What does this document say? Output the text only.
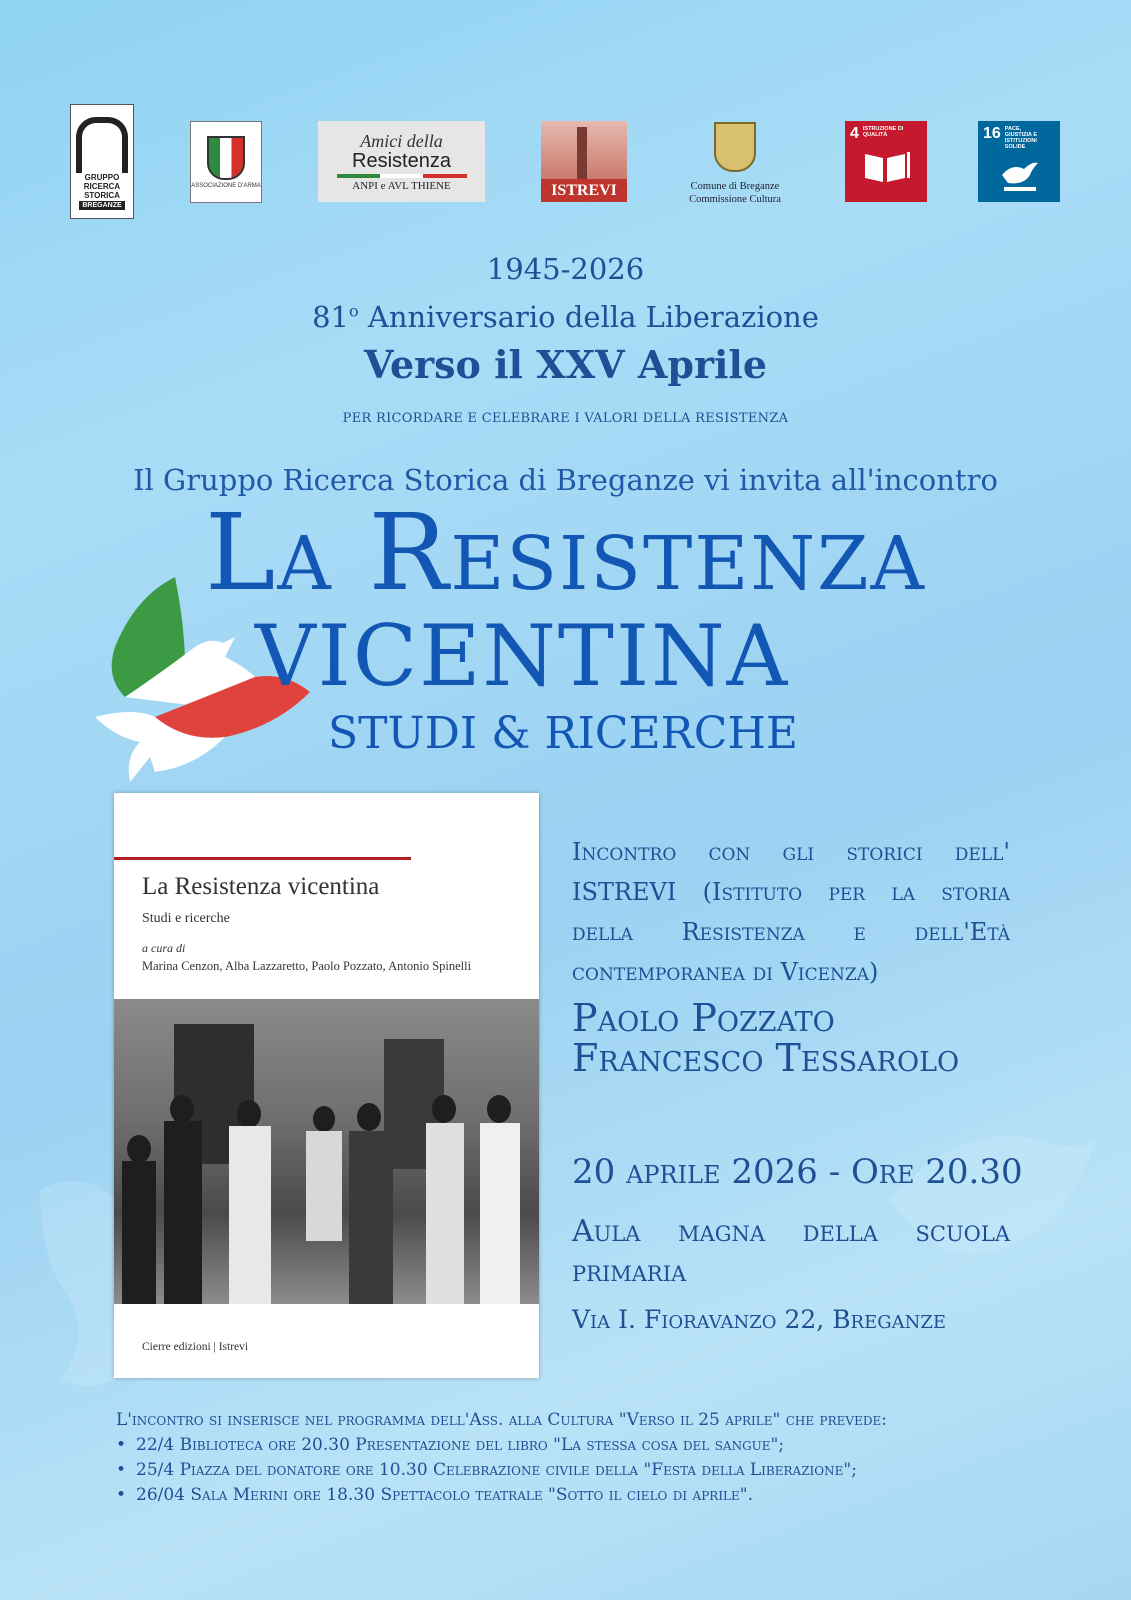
GRUPPO
RICERCA
STORICA
BREGANZE
ASSOCIAZIONE D'ARMA
Amici della
Resistenza
ANPI e AVL THIENE	ISTREVI	Comune di Breganze
Commissione Cultura
4 ISTRUZIONE DI QUALITÀ	16 PACE, GIUSTIZIA E ISTITUZIONI SOLIDE
1945-2026
81$^o$ Anniversario della Liberazione
Verso il XXV Aprile
PER RICORDARE E CELEBRARE I VALORI DELLA RESISTENZA
Il Gruppo Ricerca Storica di Breganze vi invita all'incontro
La Resistenza
VICENTINA
STUDI & RICERCHE
La Resistenza vicentina
Studi e ricerche
a cura di
Marina Cenzon, Alba Lazzaretto, Paolo Pozzato, Antonio Spinelli
Cierre edizioni | Istrevi
Incontro con gli storici dell'
ISTREVI (Istituto per la storia
della Resistenza e dell'Età
contemporanea di Vicenza)
Paolo Pozzato
Francesco Tessarolo
20 aprile 2026 - Ore 20.30
Aula magna della scuola
primaria
Via I. Fioravanzo 22, Breganze
L'incontro si inserisce nel programma dell'Ass. alla Cultura "Verso il 25 aprile" che prevede:
• 22/4 Biblioteca ore 20.30 Presentazione del libro "La stessa cosa del sangue";
• 25/4 Piazza del donatore ore 10.30 Celebrazione civile della "Festa della Liberazione";
• 26/04 Sala Merini ore 18.30 Spettacolo teatrale "Sotto il cielo di aprile".
